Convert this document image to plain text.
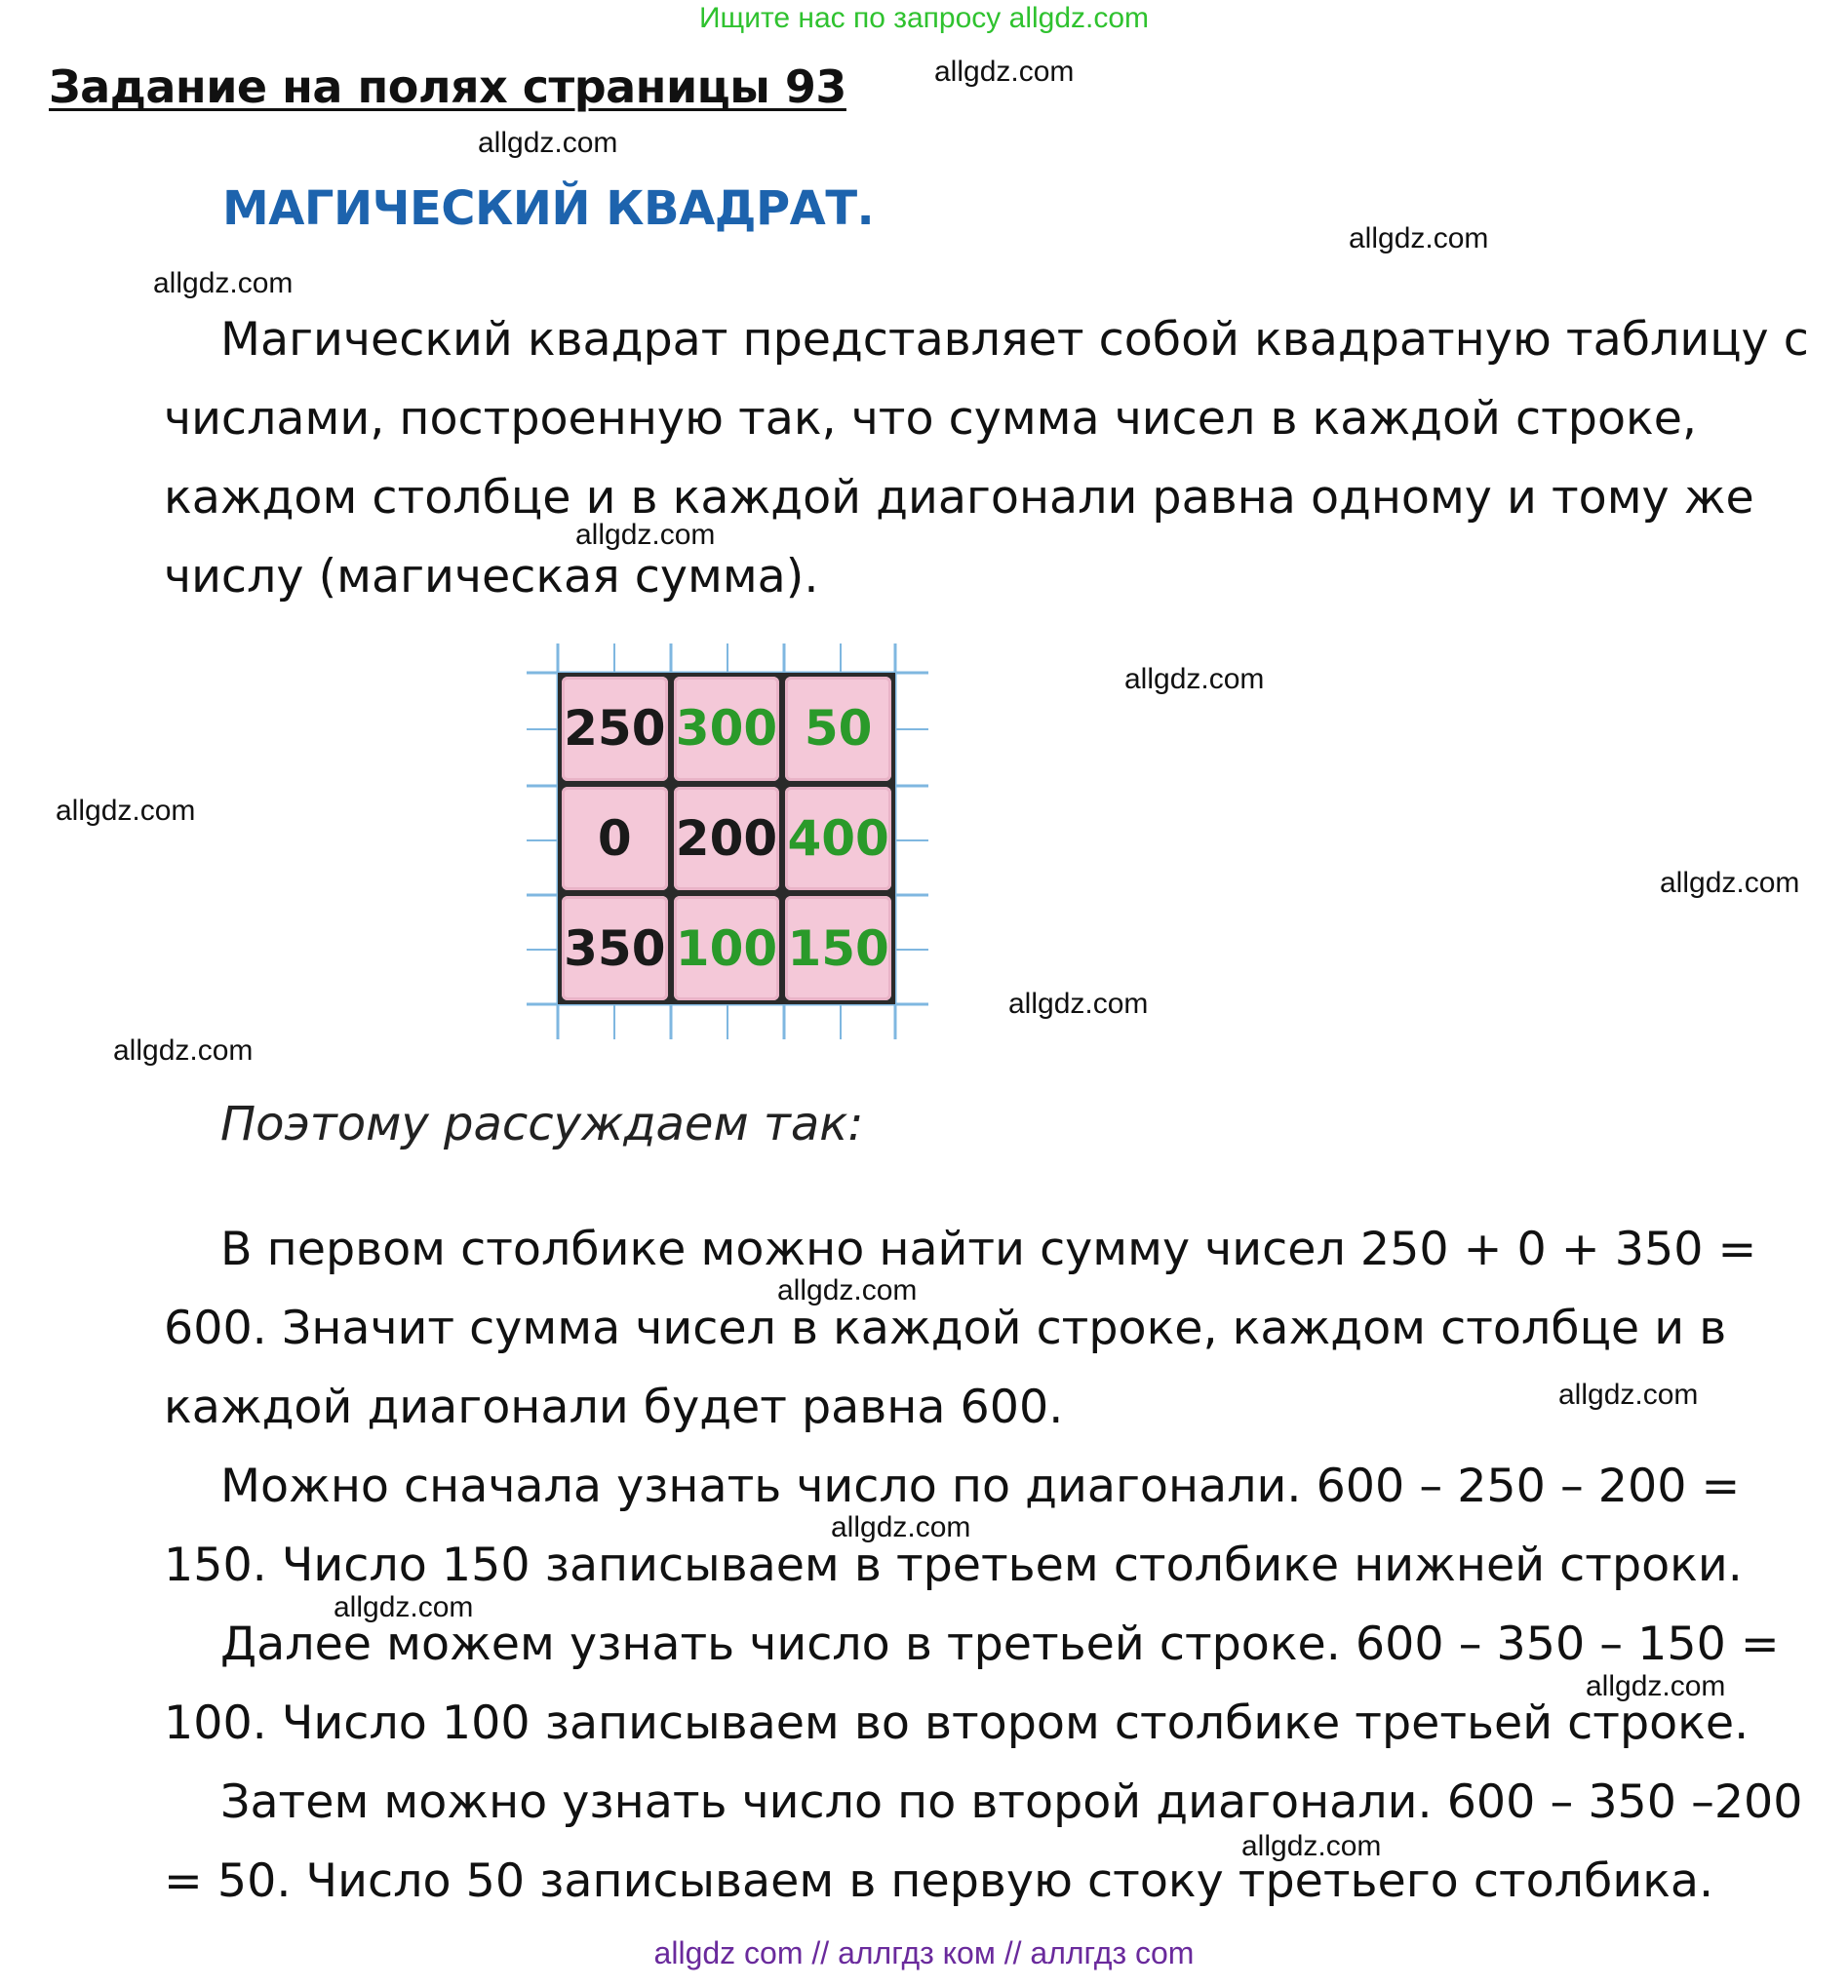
Ищите нас по запросу allgdz.com
Задание на полях страницы 93
МАГИЧЕСКИЙ КВАДРАТ.
allgdz.com
allgdz.com
allgdz.com
allgdz.com
allgdz.com
allgdz.com
allgdz.com
allgdz.com
allgdz.com
allgdz.com
allgdz.com
allgdz.com
allgdz.com
allgdz.com
allgdz.com
allgdz.com
Магический квадрат представляет собой квадратную таблицу с
числами, построенную так, что сумма чисел в каждой строке,
каждом столбце и в каждой диагонали равна одному и тому же
числу (магическая сумма).
250 300 50
0 200 400
350 100 150
Поэтому рассуждаем так:
В первом столбике можно найти сумму чисел 250 + 0 + 350 =
600. Значит сумма чисел в каждой строке, каждом столбце и в
каждой диагонали будет равна 600.
Можно сначала узнать число по диагонали. 600 – 250 – 200 =
150. Число 150 записываем в третьем столбике нижней строки.
Далее можем узнать число в третьей строке. 600 – 350 – 150 =
100. Число 100 записываем во втором столбике третьей строке.
Затем можно узнать число по второй диагонали. 600 – 350 –200
= 50. Число 50 записываем в первую стоку третьего столбика.
allgdz com // аллгдз ком // аллгдз com
